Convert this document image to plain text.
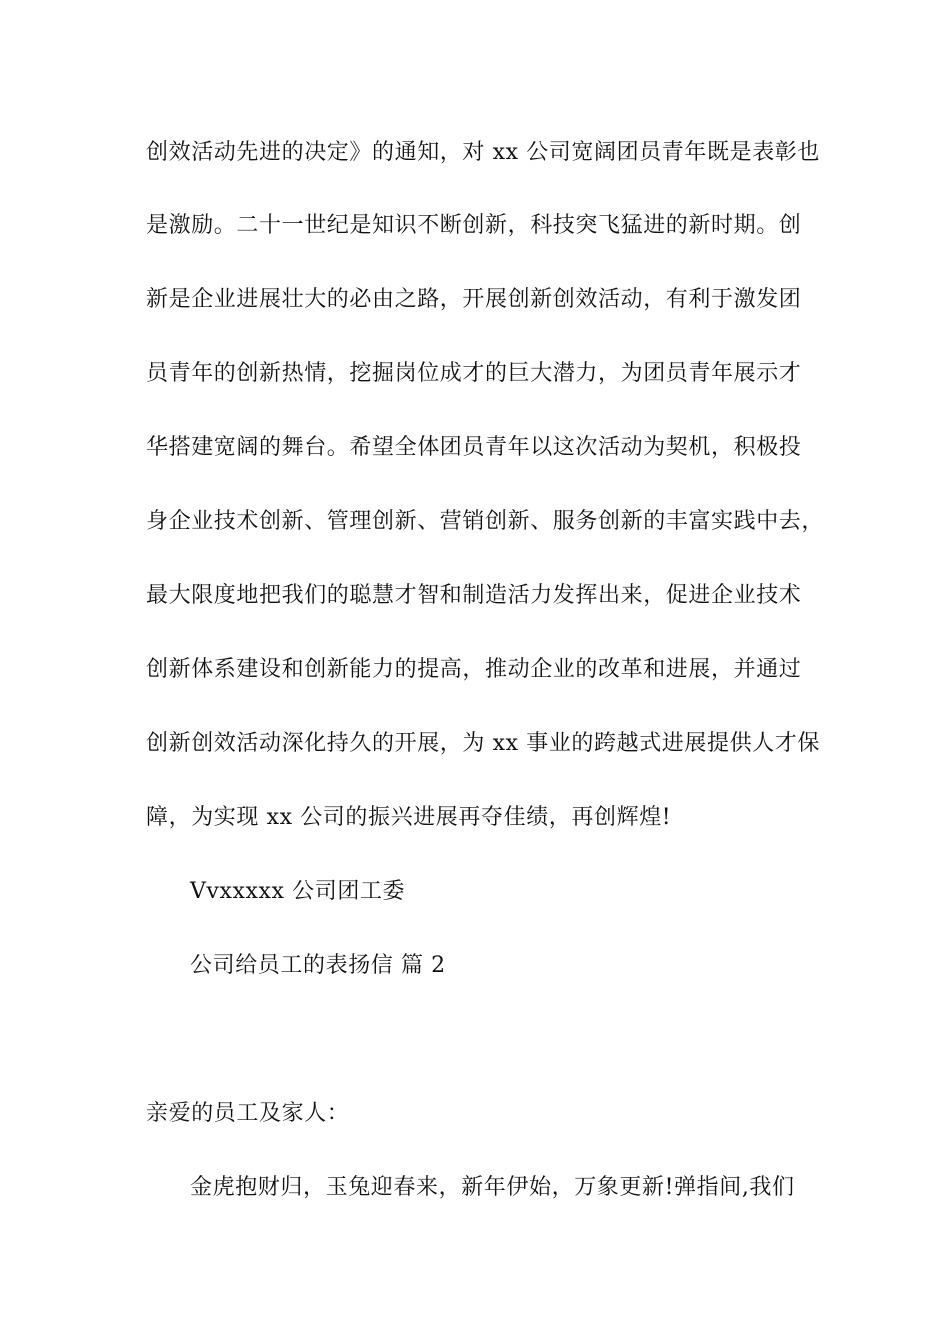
创效活动先进的决定》的通知，对 xx 公司宽阔团员青年既是表彰也
是激励。二十一世纪是知识不断创新，科技突飞猛进的新时期。创
新是企业进展壮大的必由之路，开展创新创效活动，有利于激发团
员青年的创新热情，挖掘岗位成才的巨大潜力，为团员青年展示才
华搭建宽阔的舞台。希望全体团员青年以这次活动为契机，积极投
身企业技术创新、管理创新、营销创新、服务创新的丰富实践中去，
最大限度地把我们的聪慧才智和制造活力发挥出来，促进企业技术
创新体系建设和创新能力的提高，推动企业的改革和进展，并通过
创新创效活动深化持久的开展，为 xx 事业的跨越式进展提供人才保
障，为实现 xx 公司的振兴进展再夺佳绩，再创辉煌!
Vvxxxxx 公司团工委
公司给员工的表扬信 篇 2
亲爱的员工及家人：
金虎抱财归，玉兔迎春来，新年伊始，万象更新!弹指间,我们
